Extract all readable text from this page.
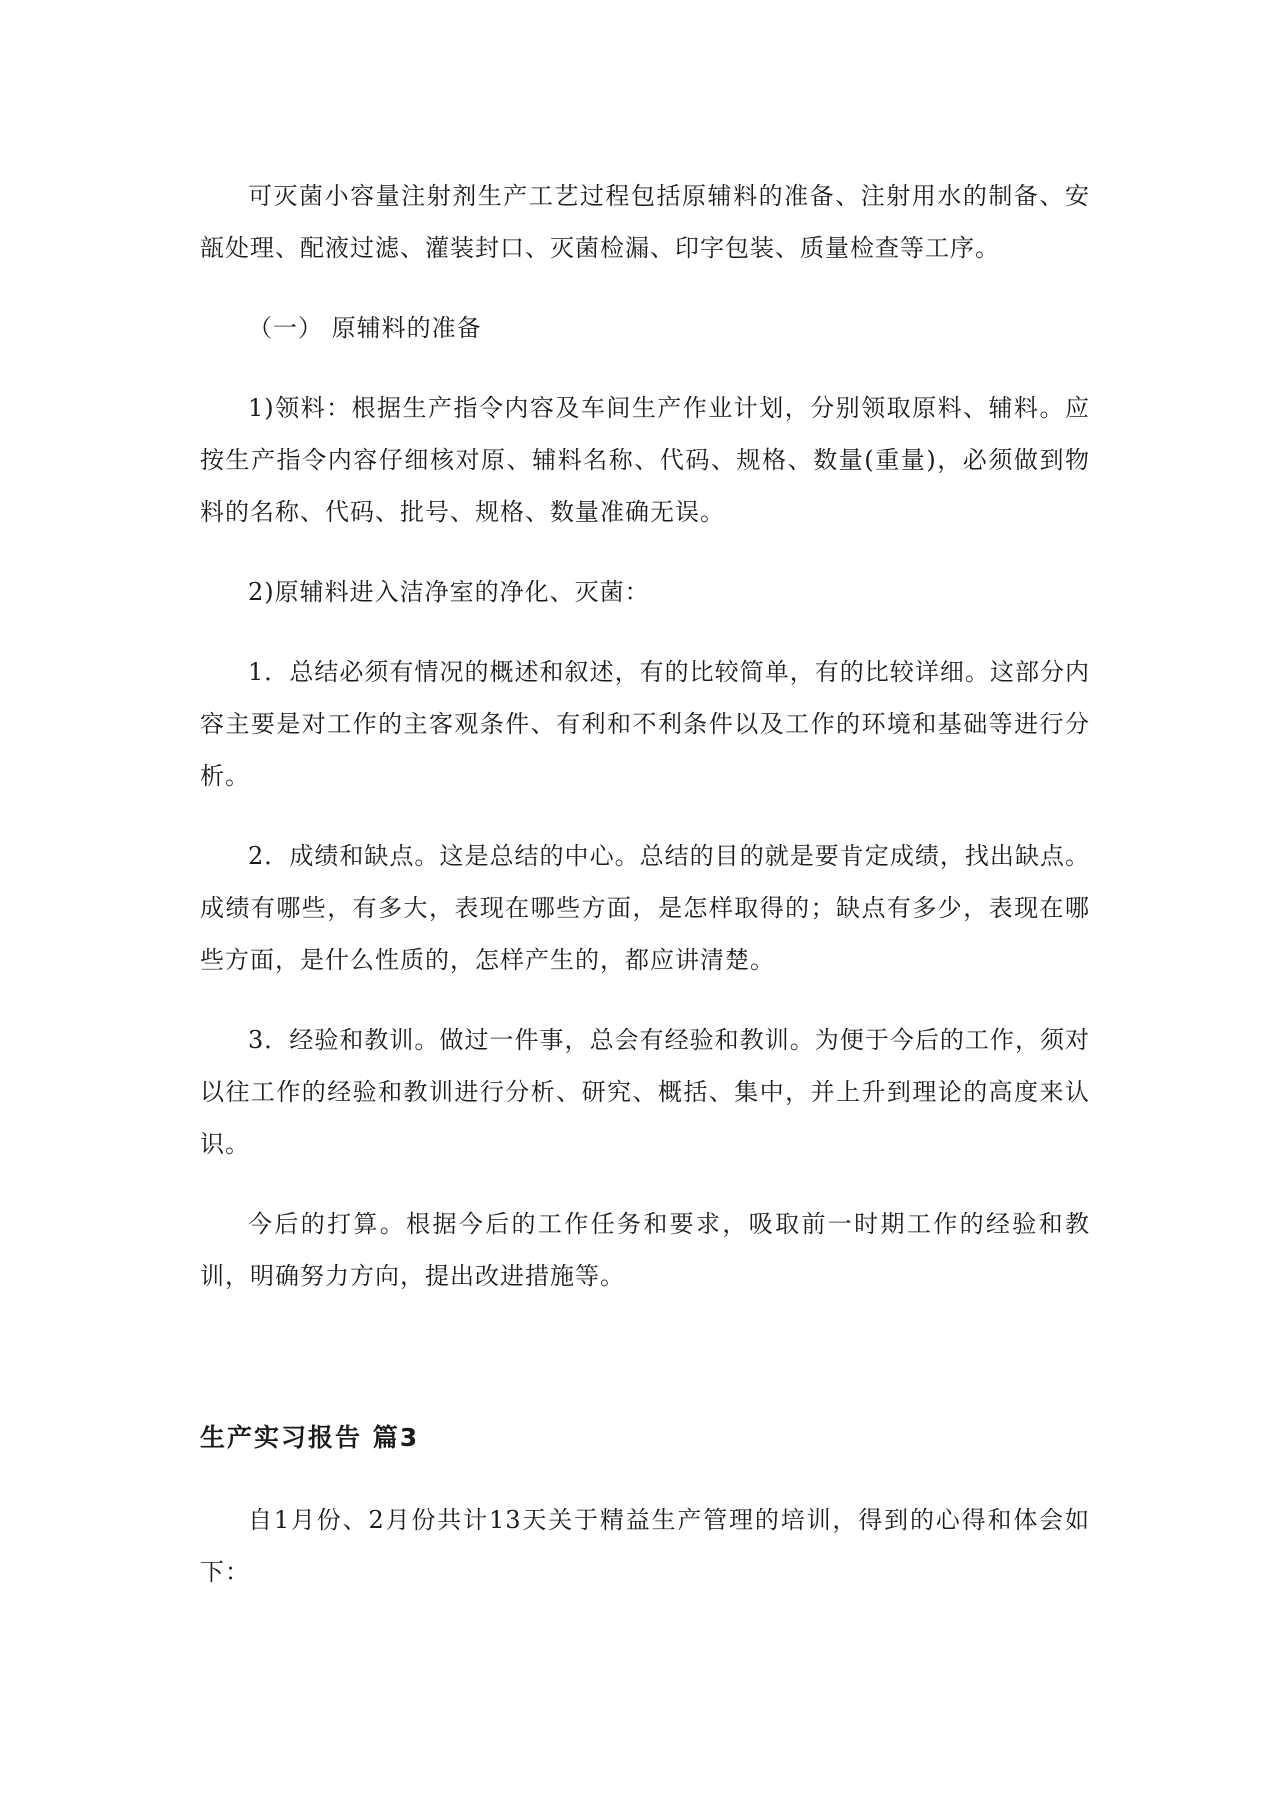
可灭菌小容量注射剂生产工艺过程包括原辅料的准备、注射用水的制备、安瓿处理、配液过滤、灌装封口、灭菌检漏、印字包装、质量检查等工序。

（一） 原辅料的准备

1)领料：根据生产指令内容及车间生产作业计划，分别领取原料、辅料。应按生产指令内容仔细核对原、辅料名称、代码、规格、数量(重量)，必须做到物料的名称、代码、批号、规格、数量准确无误。

2)原辅料进入洁净室的净化、灭菌：

1．总结必须有情况的概述和叙述，有的比较简单，有的比较详细。这部分内容主要是对工作的主客观条件、有利和不利条件以及工作的环境和基础等进行分析。

2．成绩和缺点。这是总结的中心。总结的目的就是要肯定成绩，找出缺点。成绩有哪些，有多大，表现在哪些方面，是怎样取得的；缺点有多少，表现在哪些方面，是什么性质的，怎样产生的，都应讲清楚。

3．经验和教训。做过一件事，总会有经验和教训。为便于今后的工作，须对以往工作的经验和教训进行分析、研究、概括、集中，并上升到理论的高度来认识。

今后的打算。根据今后的工作任务和要求，吸取前一时期工作的经验和教训，明确努力方向，提出改进措施等。

生产实习报告 篇3

自1月份、2月份共计13天关于精益生产管理的培训，得到的心得和体会如下：
